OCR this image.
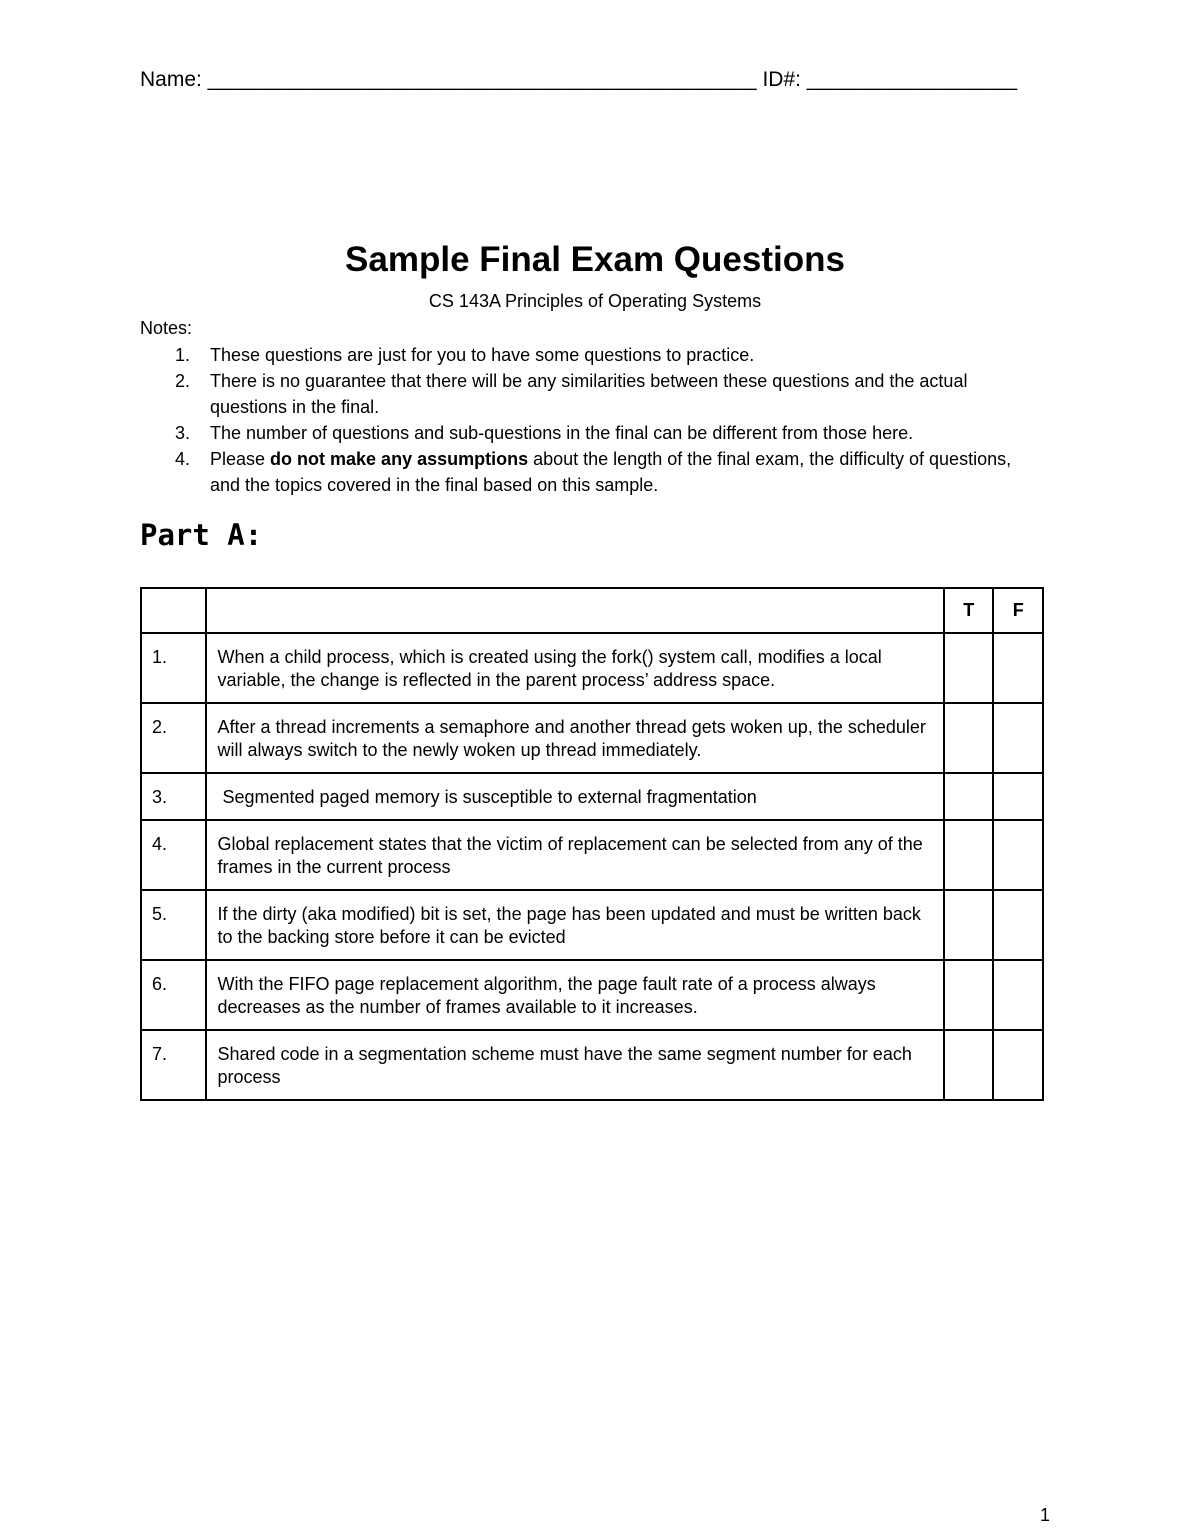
Name: _______________________________________________ ID#: __________________
Sample Final Exam Questions
CS 143A Principles of Operating Systems
Notes:
1. These questions are just for you to have some questions to practice.
2. There is no guarantee that there will be any similarities between these questions and the actual questions in the final.
3. The number of questions and sub-questions in the final can be different from those here.
4. Please do not make any assumptions about the length of the final exam, the difficulty of questions, and the topics covered in the final based on this sample.
Part A:
		T	F
1.	When a child process, which is created using the fork() system call, modifies a local variable, the change is reflected in the parent process’ address space.		
2.	After a thread increments a semaphore and another thread gets woken up, the scheduler will always switch to the newly woken up thread immediately.		
3.	Segmented paged memory is susceptible to external fragmentation		
4.	Global replacement states that the victim of replacement can be selected from any of the frames in the current process		
5.	If the dirty (aka modified) bit is set, the page has been updated and must be written back to the backing store before it can be evicted		
6.	With the FIFO page replacement algorithm, the page fault rate of a process always decreases as the number of frames available to it increases.		
7.	Shared code in a segmentation scheme must have the same segment number for each process		
1
